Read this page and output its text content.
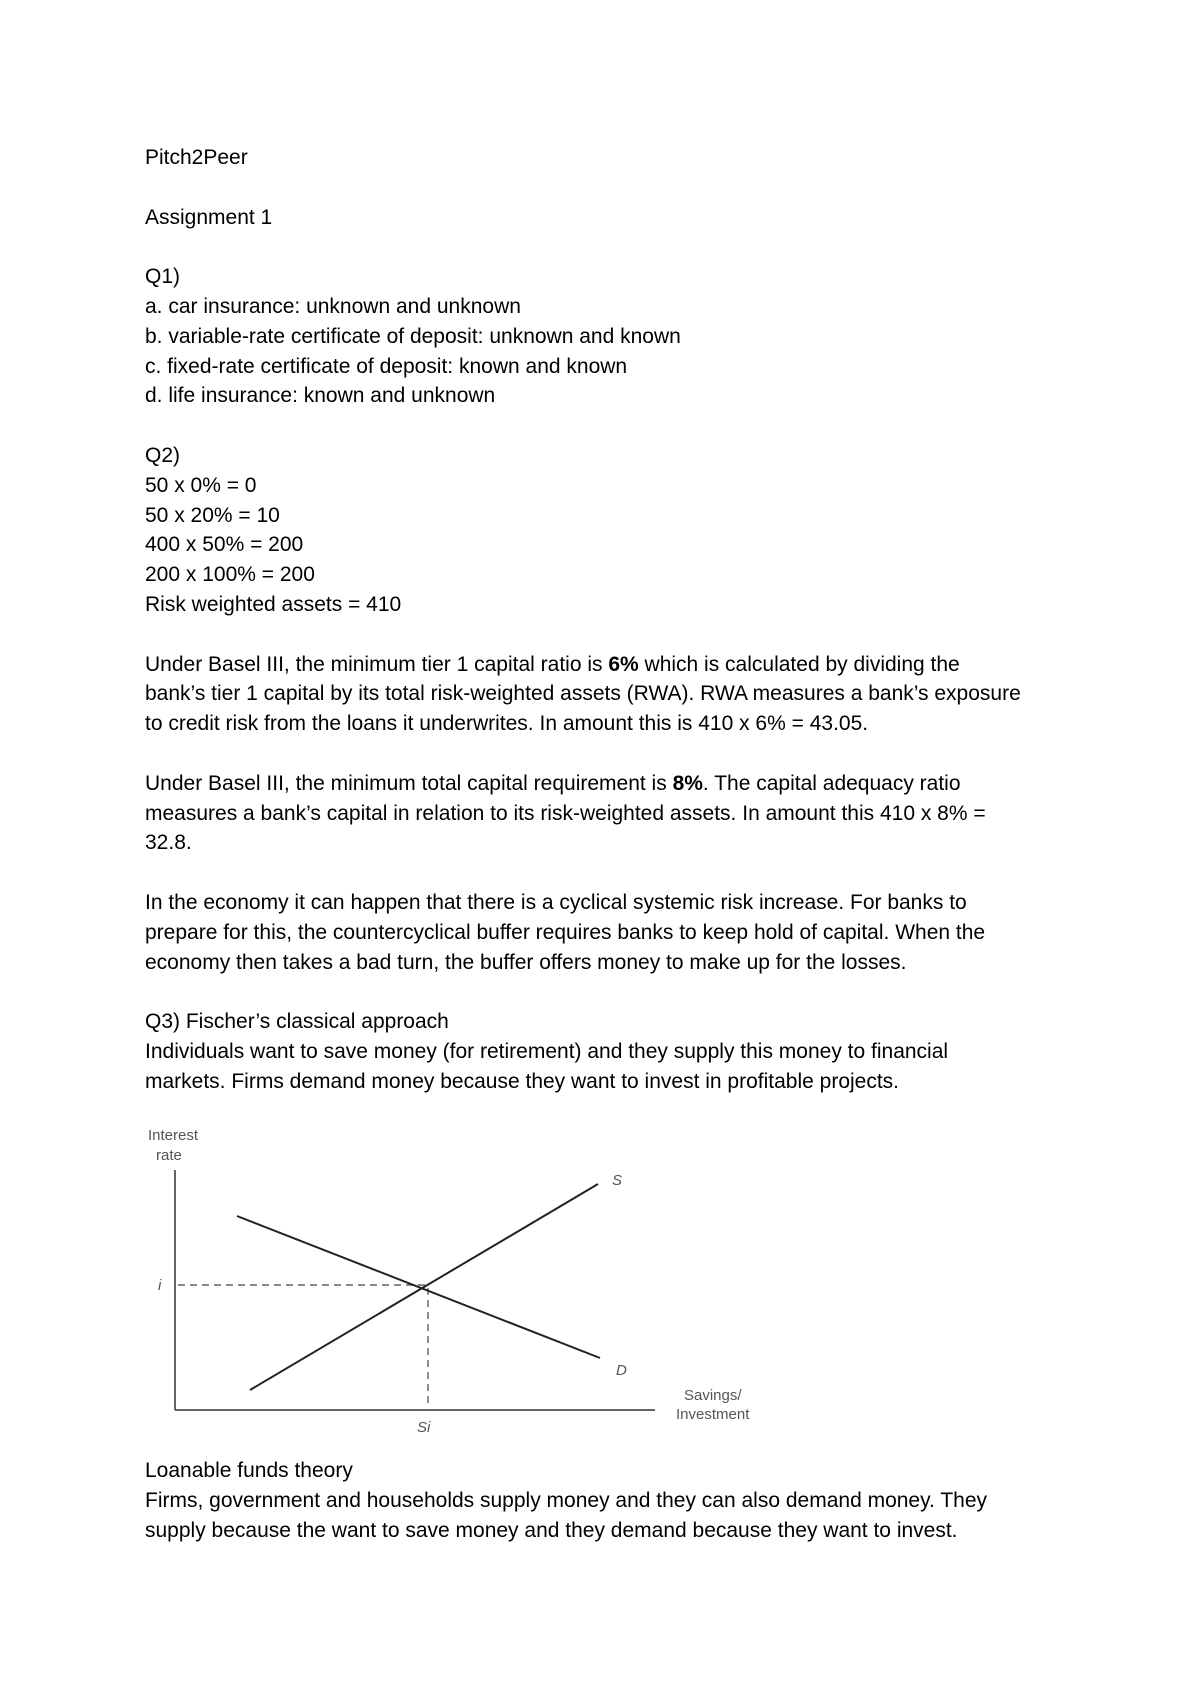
Pitch2Peer
Assignment 1
Q1)
a. car insurance: unknown and unknown
b. variable-rate certificate of deposit: unknown and known
c. fixed-rate certificate of deposit: known and known
d. life insurance: known and unknown
Q2)
50 x 0% = 0
50 x 20% = 10
400 x 50% = 200
200 x 100% = 200
Risk weighted assets = 410
Under Basel III, the minimum tier 1 capital ratio is 6% which is calculated by dividing the
bank’s tier 1 capital by its total risk-weighted assets (RWA). RWA measures a bank’s exposure
to credit risk from the loans it underwrites. In amount this is 410 x 6% = 43.05.
Under Basel III, the minimum total capital requirement is 8%. The capital adequacy ratio
measures a bank’s capital in relation to its risk-weighted assets. In amount this 410 x 8% =
32.8.
In the economy it can happen that there is a cyclical systemic risk increase. For banks to
prepare for this, the countercyclical buffer requires banks to keep hold of capital. When the
economy then takes a bad turn, the buffer offers money to make up for the losses.
Q3) Fischer’s classical approach
Individuals want to save money (for retirement) and they supply this money to financial
markets. Firms demand money because they want to invest in profitable projects.
Interest
rate
S
D
i
Si
Savings/
Investment
Loanable funds theory
Firms, government and households supply money and they can also demand money. They
supply because the want to save money and they demand because they want to invest.
